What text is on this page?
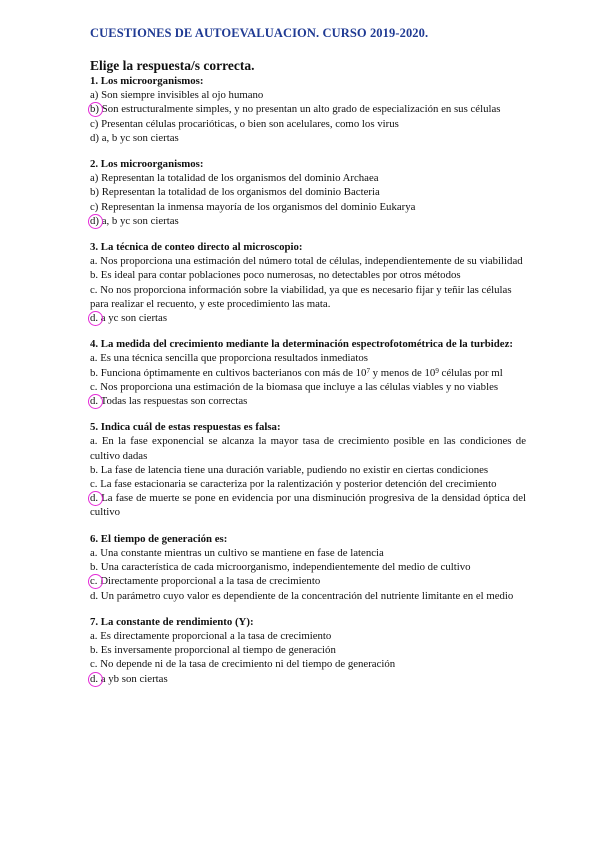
CUESTIONES DE AUTOEVALUACION. CURSO 2019-2020.

Elige la respuesta/s correcta.

1. Los microorganismos:
a) Son siempre invisibles al ojo humano
b) Son estructuralmente simples, y no presentan un alto grado de especialización en sus células
c) Presentan células procarióticas, o bien son acelulares, como los virus
d) a, b yc son ciertas
2. Los microorganismos:
a) Representan la totalidad de los organismos del dominio Archaea
b) Representan la totalidad de los organismos del dominio Bacteria
c) Representan la inmensa mayoría de los organismos del dominio Eukarya
d) a, b yc son ciertas
3. La técnica de conteo directo al microscopio:
a. Nos proporciona una estimación del número total de células, independientemente de su viabilidad
b. Es ideal para contar poblaciones poco numerosas, no detectables por otros métodos
c. No nos proporciona información sobre la viabilidad, ya que es necesario fijar y teñir las células para realizar el recuento, y este procedimiento las mata.
d. a yc son ciertas
4. La medida del crecimiento mediante la determinación espectrofotométrica de la turbidez:
a. Es una técnica sencilla que proporciona resultados inmediatos
b. Funciona óptimamente en cultivos bacterianos con más de $10^7$ y menos de $10^9$ células por ml
c. Nos proporciona una estimación de la biomasa que incluye a las células viables y no viables
d. Todas las respuestas son correctas
5. Indica cuál de estas respuestas es falsa:
a. En la fase exponencial se alcanza la mayor tasa de crecimiento posible en las condiciones de cultivo dadas
b. La fase de latencia tiene una duración variable, pudiendo no existir en ciertas condiciones
c. La fase estacionaria se caracteriza por la ralentización y posterior detención del crecimiento
d. La fase de muerte se pone en evidencia por una disminución progresiva de la densidad óptica del cultivo
6. El tiempo de generación es:
a. Una constante mientras un cultivo se mantiene en fase de latencia
b. Una característica de cada microorganismo, independientemente del medio de cultivo
c. Directamente proporcional a la tasa de crecimiento
d. Un parámetro cuyo valor es dependiente de la concentración del nutriente limitante en el medio
7. La constante de rendimiento (Y):
a. Es directamente proporcional a la tasa de crecimiento
b. Es inversamente proporcional al tiempo de generación
c. No depende ni de la tasa de crecimiento ni del tiempo de generación
d. a yb son ciertas
